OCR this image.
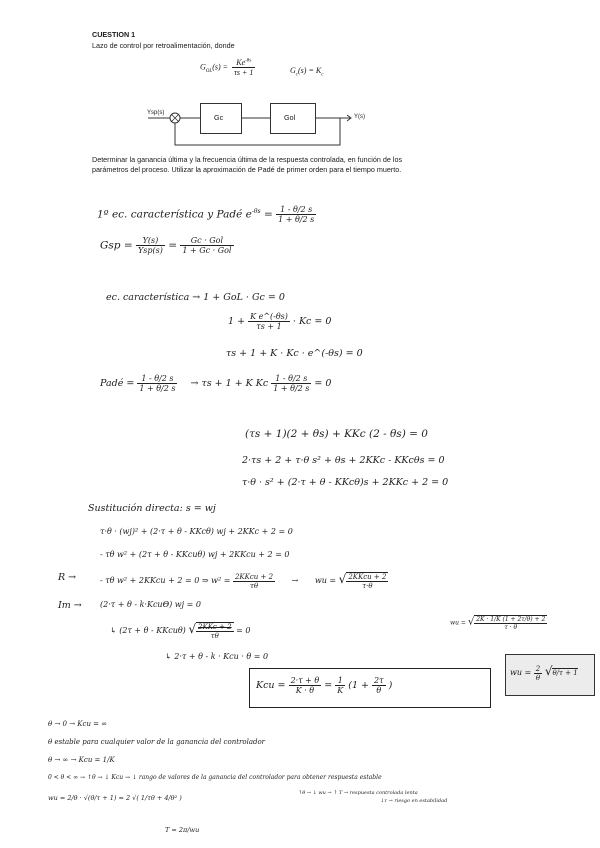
CUESTION 1
Lazo de control por retroalimentación, donde
$G_{OL}(s) = \frac{Ke^{-\theta s}}{\tau s + 1}$	$G_c(s) = K_c$
Ysp(s)	Gc	Gol	Y(s)
Determinar la ganancia última y la frecuencia última de la respuesta controlada, en función de los
parámetros del proceso. Utilizar la aproximación de Padé de primer orden para el tiempo muerto.
1º ec. característica y Padé $e^{-\theta s} = \frac{1 - \theta/2 s}{1 + \theta/2 s}$
Gsp = $\frac{Y(s)}{\text{Ysp(s)}} = \frac{\text{Gc · Gol}}{\text{1 + Gc · Gol}}$
ec. característica → 1 + GoL · Gc = 0
$1 + \frac{\text{K e\textasciicircum{}(-θs)}}{\tau s + 1} \cdot Kc = 0$
τs + 1 + K · Kc · e^(-θs) = 0
Padé = $\frac{1 - \theta/2 s}{1 + \theta/2 s} \to \tau s + 1 + K$ Kc $\frac{1 - \theta/2 s}{1 + \theta/2 s} = 0$
(τs + 1)(2 + θs) + KKc (2 - θs) = 0
2·τs + 2 + τ·θ s² + θs + 2KKc - KKcθs = 0
τ·θ · s² + (2·τ + θ - KKcθ)s + 2KKc + 2 = 0
Sustitución directa: s = wj
τ·θ · (wj)² + (2·τ + θ - KKcθ) wj + 2KKc + 2 = 0
- τθ w² + (2τ + θ - KKcuθ) wj + 2KKcu + 2 = 0
R →	- τθ w² + 2KKcu + 2 = 0 ⇒ $w^2 = \frac{\text{2KKcu + 2}}{\tau\theta}$ → wu = √ $\frac{\text{2KKcu + 2}}{\tau\cdot\theta}$
Im → (2·τ + θ - k·KcuΘ) wj = 0
↳ (2τ + θ - KKcuθ) √ $\frac{\text{2KKc + 2}}{\tau\theta} = 0$
wu = √ $\frac{2K \cdot 1/K (1 + 2\tau/\theta) + 2}{\tau \cdot \theta}$
↳ 2·τ + θ - k · Kcu · θ = 0
Kcu = $\frac{2\cdot\tau + \theta}{K \cdot \theta} = \frac{1}{K} (1 + \frac{2\tau}{\theta}$ )
wu = $\frac{2}{\theta} √\theta/\tau + 1$
θ → 0 → Kcu = ∞
θ estable para cualquier valor de la ganancia del controlador
θ → ∞ → Kcu = 1/K
0 < θ < ∞ → ↑θ → ↓ Kcu → ↓ rango de valores de la ganancia del controlador para obtener respuesta estable
↑θ → ↓ wu → ↑ T → respuesta controlada lenta
↓τ → riesgo en estabilidad
wu = 2/θ · √(θ/τ + 1) = 2 √( 1/τθ + 4/θ² )
T = 2π/wu
